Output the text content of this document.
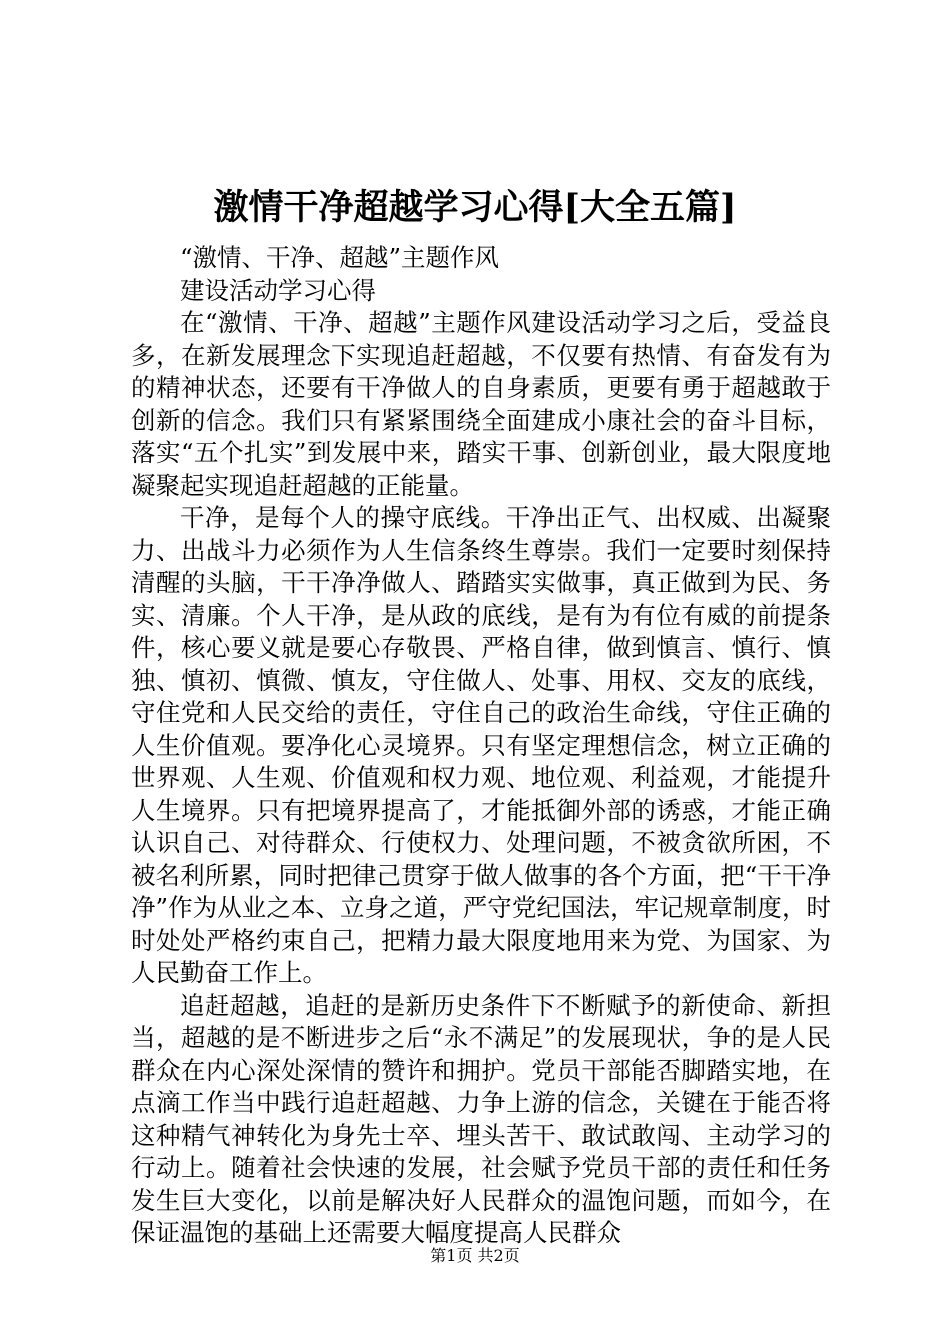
激情干净超越学习心得[大全五篇]

“激情、干净、超越”主题作风

建设活动学习心得

在“激情、干净、超越”主题作风建设活动学习之后，受益良多，在新发展理念下实现追赶超越，不仅要有热情、有奋发有为的精神状态，还要有干净做人的自身素质，更要有勇于超越敢于创新的信念。我们只有紧紧围绕全面建成小康社会的奋斗目标，落实“五个扎实”到发展中来，踏实干事、创新创业，最大限度地凝聚起实现追赶超越的正能量。

干净，是每个人的操守底线。干净出正气、出权威、出凝聚力、出战斗力必须作为人生信条终生尊崇。我们一定要时刻保持清醒的头脑，干干净净做人、踏踏实实做事，真正做到为民、务实、清廉。个人干净，是从政的底线，是有为有位有威的前提条件，核心要义就是要心存敬畏、严格自律，做到慎言、慎行、慎独、慎初、慎微、慎友，守住做人、处事、用权、交友的底线，守住党和人民交给的责任，守住自己的政治生命线，守住正确的人生价值观。要净化心灵境界。只有坚定理想信念，树立正确的世界观、人生观、价值观和权力观、地位观、利益观，才能提升人生境界。只有把境界提高了，才能抵御外部的诱惑，才能正确认识自己、对待群众、行使权力、处理问题，不被贪欲所困，不被名利所累，同时把律己贯穿于做人做事的各个方面，把“干干净净”作为从业之本、立身之道，严守党纪国法，牢记规章制度，时时处处严格约束自己，把精力最大限度地用来为党、为国家、为人民勤奋工作上。

追赶超越，追赶的是新历史条件下不断赋予的新使命、新担当，超越的是不断进步之后“永不满足”的发展现状，争的是人民群众在内心深处深情的赞许和拥护。党员干部能否脚踏实地，在点滴工作当中践行追赶超越、力争上游的信念，关键在于能否将这种精气神转化为身先士卒、埋头苦干、敢试敢闯、主动学习的行动上。随着社会快速的发展，社会赋予党员干部的责任和任务发生巨大变化，以前是解决好人民群众的温饱问题，而如今，在保证温饱的基础上还需要大幅度提高人民群众

第1页 共2页
